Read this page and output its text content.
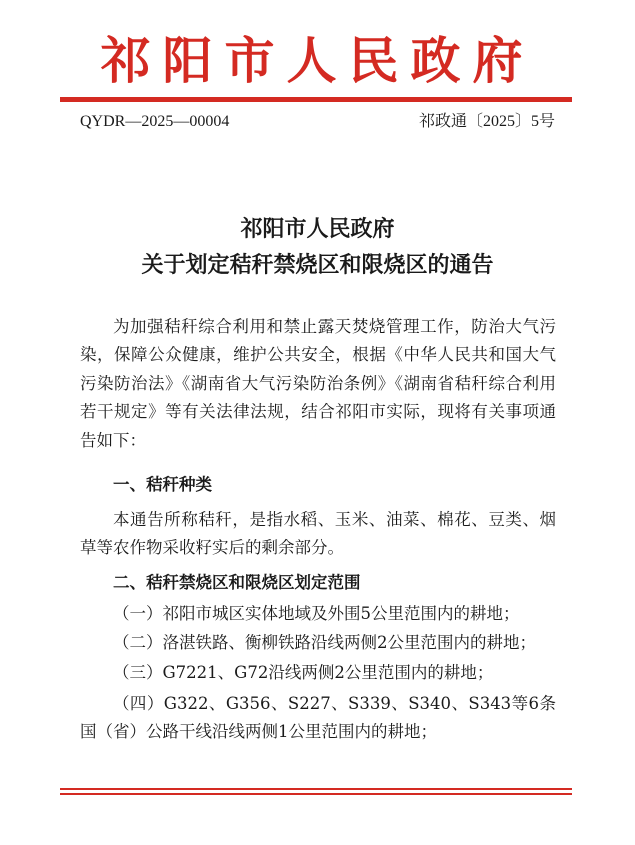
祁阳市人民政府
QYDR—2025—00004	祁政通〔2025〕5号
祁阳市人民政府
关于划定秸秆禁烧区和限烧区的通告
为加强秸秆综合利用和禁止露天焚烧管理工作，防治大气污染，保障公众健康，维护公共安全，根据《中华人民共和国大气污染防治法》《湖南省大气污染防治条例》《湖南省秸秆综合利用若干规定》等有关法律法规，结合祁阳市实际，现将有关事项通告如下：
一、秸秆种类
本通告所称秸秆，是指水稻、玉米、油菜、棉花、豆类、烟草等农作物采收籽实后的剩余部分。
二、秸秆禁烧区和限烧区划定范围
（一）祁阳市城区实体地域及外围5公里范围内的耕地；
（二）洛湛铁路、衡柳铁路沿线两侧2公里范围内的耕地；
（三）G7221、G72沿线两侧2公里范围内的耕地；
（四）G322、G356、S227、S339、S340、S343等6条国（省）公路干线沿线两侧1公里范围内的耕地；
